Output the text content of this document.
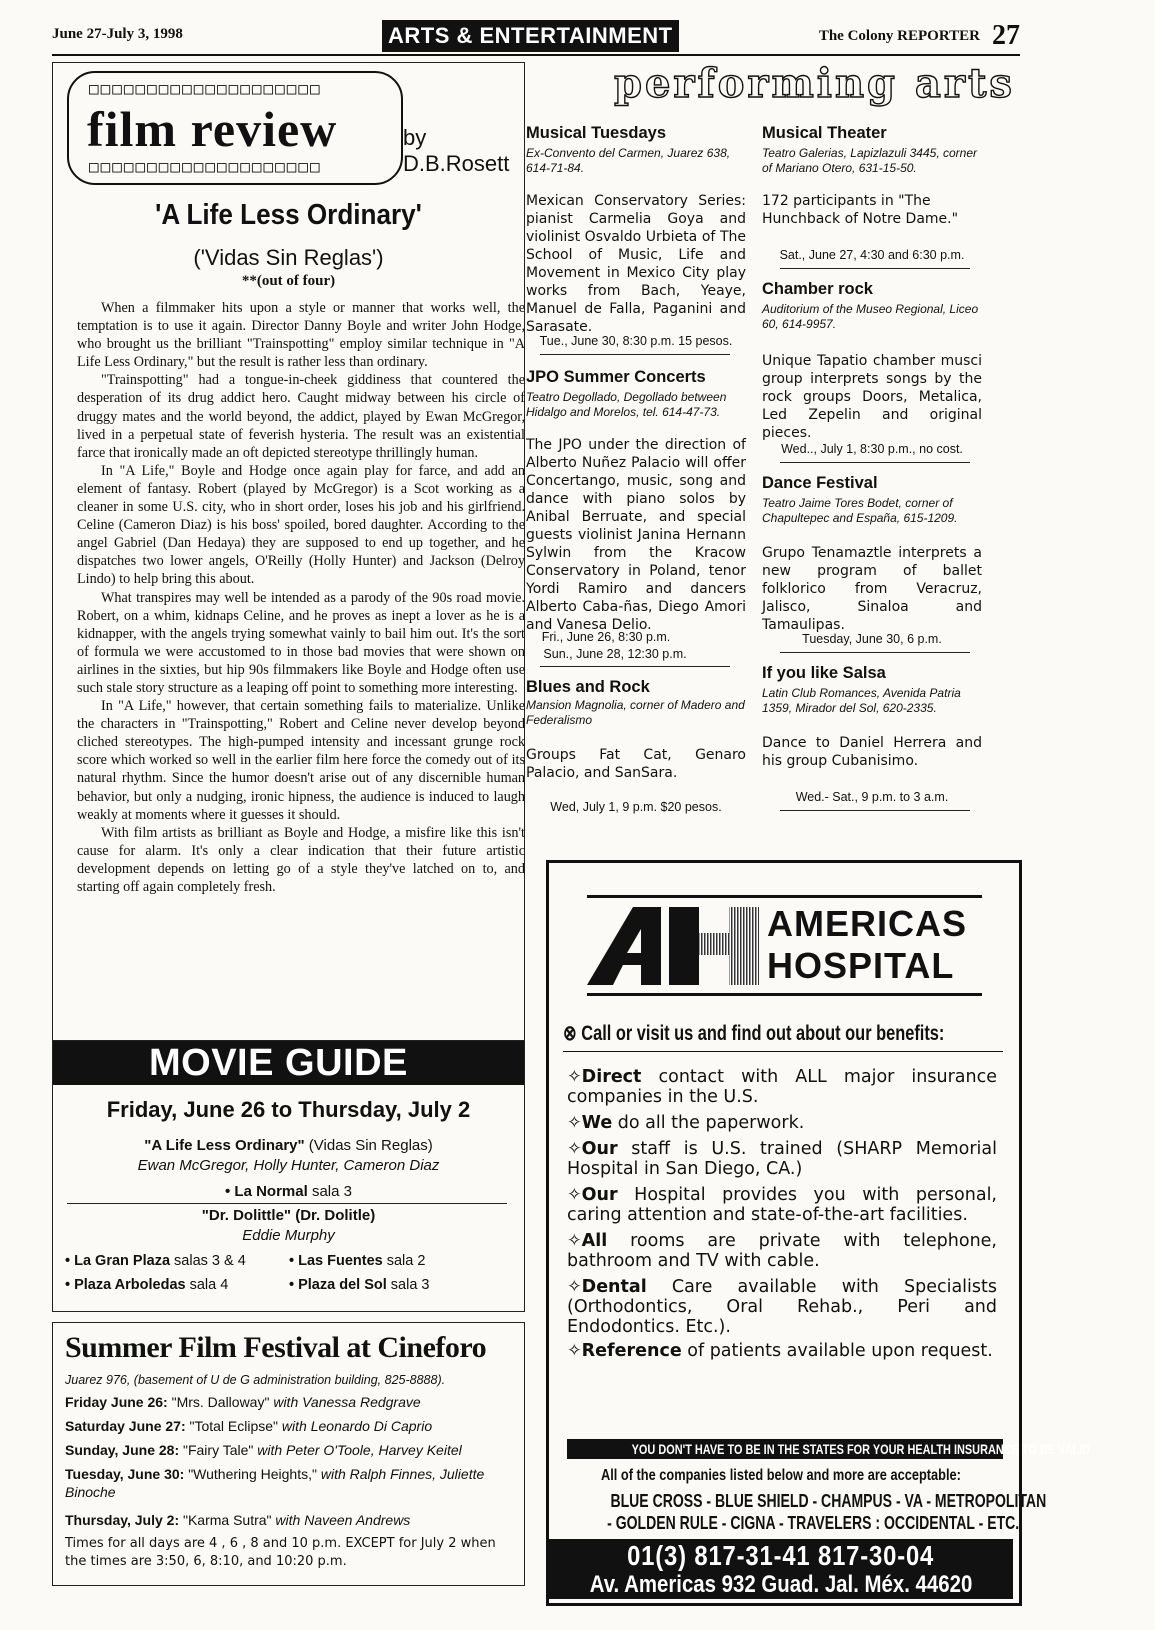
June 27-July 3, 1998	ARTS & ENTERTAINMENT	The Colony REPORTER 27
□□□□□□□□□□□□□□□□□□□□
film review
□□□□□□□□□□□□□□□□□□□□
by
D.B.Rosett
'A Life Less Ordinary'
('Vidas Sin Reglas')
**(out of four)

When a filmmaker hits upon a style or manner that works well, the temptation is to use it again. Director Danny Boyle and writer John Hodge, who brought us the brilliant "Trainspotting" employ similar technique in "A Life Less Ordinary," but the result is rather less than ordinary.

"Trainspotting" had a tongue-in-cheek giddiness that countered the desperation of its drug addict hero. Caught midway between his circle of druggy mates and the world beyond, the addict, played by Ewan McGregor, lived in a perpetual state of feverish hysteria. The result was an existential farce that ironically made an oft depicted stereotype thrillingly human.

In "A Life," Boyle and Hodge once again play for farce, and add an element of fantasy. Robert (played by McGregor) is a Scot working as a cleaner in some U.S. city, who in short order, loses his job and his girlfriend. Celine (Cameron Diaz) is his boss' spoiled, bored daughter. According to the angel Gabriel (Dan Hedaya) they are supposed to end up together, and he dispatches two lower angels, O'Reilly (Holly Hunter) and Jackson (Delroy Lindo) to help bring this about.

What transpires may well be intended as a parody of the 90s road movie. Robert, on a whim, kidnaps Celine, and he proves as inept a lover as he is a kidnapper, with the angels trying somewhat vainly to bail him out. It's the sort of formula we were accustomed to in those bad movies that were shown on airlines in the sixties, but hip 90s filmmakers like Boyle and Hodge often use such stale story structure as a leaping off point to something more interesting.

In "A Life," however, that certain something fails to materialize. Unlike the characters in "Trainspotting," Robert and Celine never develop beyond cliched stereotypes. The high-pumped intensity and incessant grunge rock score which worked so well in the earlier film here force the comedy out of its natural rhythm. Since the humor doesn't arise out of any discernible human behavior, but only a nudging, ironic hipness, the audience is induced to laugh weakly at moments where it guesses it should.

With film artists as brilliant as Boyle and Hodge, a misfire like this isn't cause for alarm. It's only a clear indication that their future artistic development depends on letting go of a style they've latched on to, and starting off again completely fresh.

MOVIE GUIDE
Friday, June 26 to Thursday, July 2
"A Life Less Ordinary" (Vidas Sin Reglas)
Ewan McGregor, Holly Hunter, Cameron Diaz
• La Normal sala 3
"Dr. Dolittle" (Dr. Dolitle)
Eddie Murphy
• La Gran Plaza salas 3 & 4	• Las Fuentes sala 2
• Plaza Arboledas sala 4	• Plaza del Sol sala 3
Summer Film Festival at Cineforo
Juarez 976, (basement of U de G administration building, 825-8888).
Friday June 26: "Mrs. Dalloway" with Vanessa Redgrave
Saturday June 27: "Total Eclipse" with Leonardo Di Caprio
Sunday, June 28: "Fairy Tale" with Peter O'Toole, Harvey Keitel
Tuesday, June 30: "Wuthering Heights," with Ralph Finnes, Juliette Binoche
Thursday, July 2: "Karma Sutra" with Naveen Andrews
Times for all days are 4 , 6 , 8 and 10 p.m. EXCEPT for July 2 when the times are 3:50, 6, 8:10, and 10:20 p.m.
performing arts
Musical Tuesdays
Ex-Convento del Carmen, Juarez 638, 614-71-84.
Mexican Conservatory Series: pianist Carmelia Goya and violinist Osvaldo Urbieta of The School of Music, Life and Movement in Mexico City play works from Bach, Yeaye, Manuel de Falla, Paganini and Sarasate.
Tue., June 30, 8:30 p.m. 15 pesos.
JPO Summer Concerts
Teatro Degollado, Degollado between Hidalgo and Morelos, tel. 614-47-73.
The JPO under the direction of Alberto Nuñez Palacio will offer Concertango, music, song and dance with piano solos by Anibal Berruate, and special guests violinist Janina Hernann Sylwin from the Kracow Conservatory in Poland, tenor Yordi Ramiro and dancers Alberto Caba-ñas, Diego Amori and Vanesa Delio.
Fri., June 26, 8:30 p.m.
Sun., June 28, 12:30 p.m.
Blues and Rock
Mansion Magnolia, corner of Madero and Federalismo
Groups Fat Cat, Genaro Palacio, and SanSara.
Wed, July 1, 9 p.m. $20 pesos.
Musical Theater
Teatro Galerias, Lapizlazuli 3445, corner of Mariano Otero, 631-15-50.
172 participants in "The Hunchback of Notre Dame."
Sat., June 27, 4:30 and 6:30 p.m.
Chamber rock
Auditorium of the Museo Regional, Liceo 60, 614-9957.
Unique Tapatio chamber musci group interprets songs by the rock groups Doors, Metalica, Led Zepelin and original pieces.
Wed.., July 1, 8:30 p.m., no cost.
Dance Festival
Teatro Jaime Tores Bodet, corner of Chapultepec and España, 615-1209.
Grupo Tenamaztle interprets a new program of ballet folklorico from Veracruz, Jalisco, Sinaloa and Tamaulipas.
Tuesday, June 30, 6 p.m.
If you like Salsa
Latin Club Romances, Avenida Patria 1359, Mirador del Sol, 620-2335.
Dance to Daniel Herrera and his group Cubanisimo.
Wed.- Sat., 9 p.m. to 3 a.m.
AMERICAS
HOSPITAL
⊗ Call or visit us and find out about our benefits:
✧Direct contact with ALL major insurance companies in the U.S.
✧We do all the paperwork.
✧Our staff is U.S. trained (SHARP Memorial Hospital in San Diego, CA.)
✧Our Hospital provides you with personal, caring attention and state-of-the-art facilities.
✧All rooms are private with telephone, bathroom and TV with cable.
✧Dental Care available with Specialists (Orthodontics, Oral Rehab., Peri and Endodontics. Etc.).
✧Reference of patients available upon request.
YOU DON'T HAVE TO BE IN THE STATES FOR YOUR HEALTH INSURANCE TO BE VALID
All of the companies listed below and more are acceptable:
BLUE CROSS - BLUE SHIELD - CHAMPUS - VA - METROPOLITAN
- GOLDEN RULE - CIGNA - TRAVELERS : OCCIDENTAL - ETC.
01(3) 817-31-41 817-30-04
Av. Americas 932 Guad. Jal. Méx. 44620
